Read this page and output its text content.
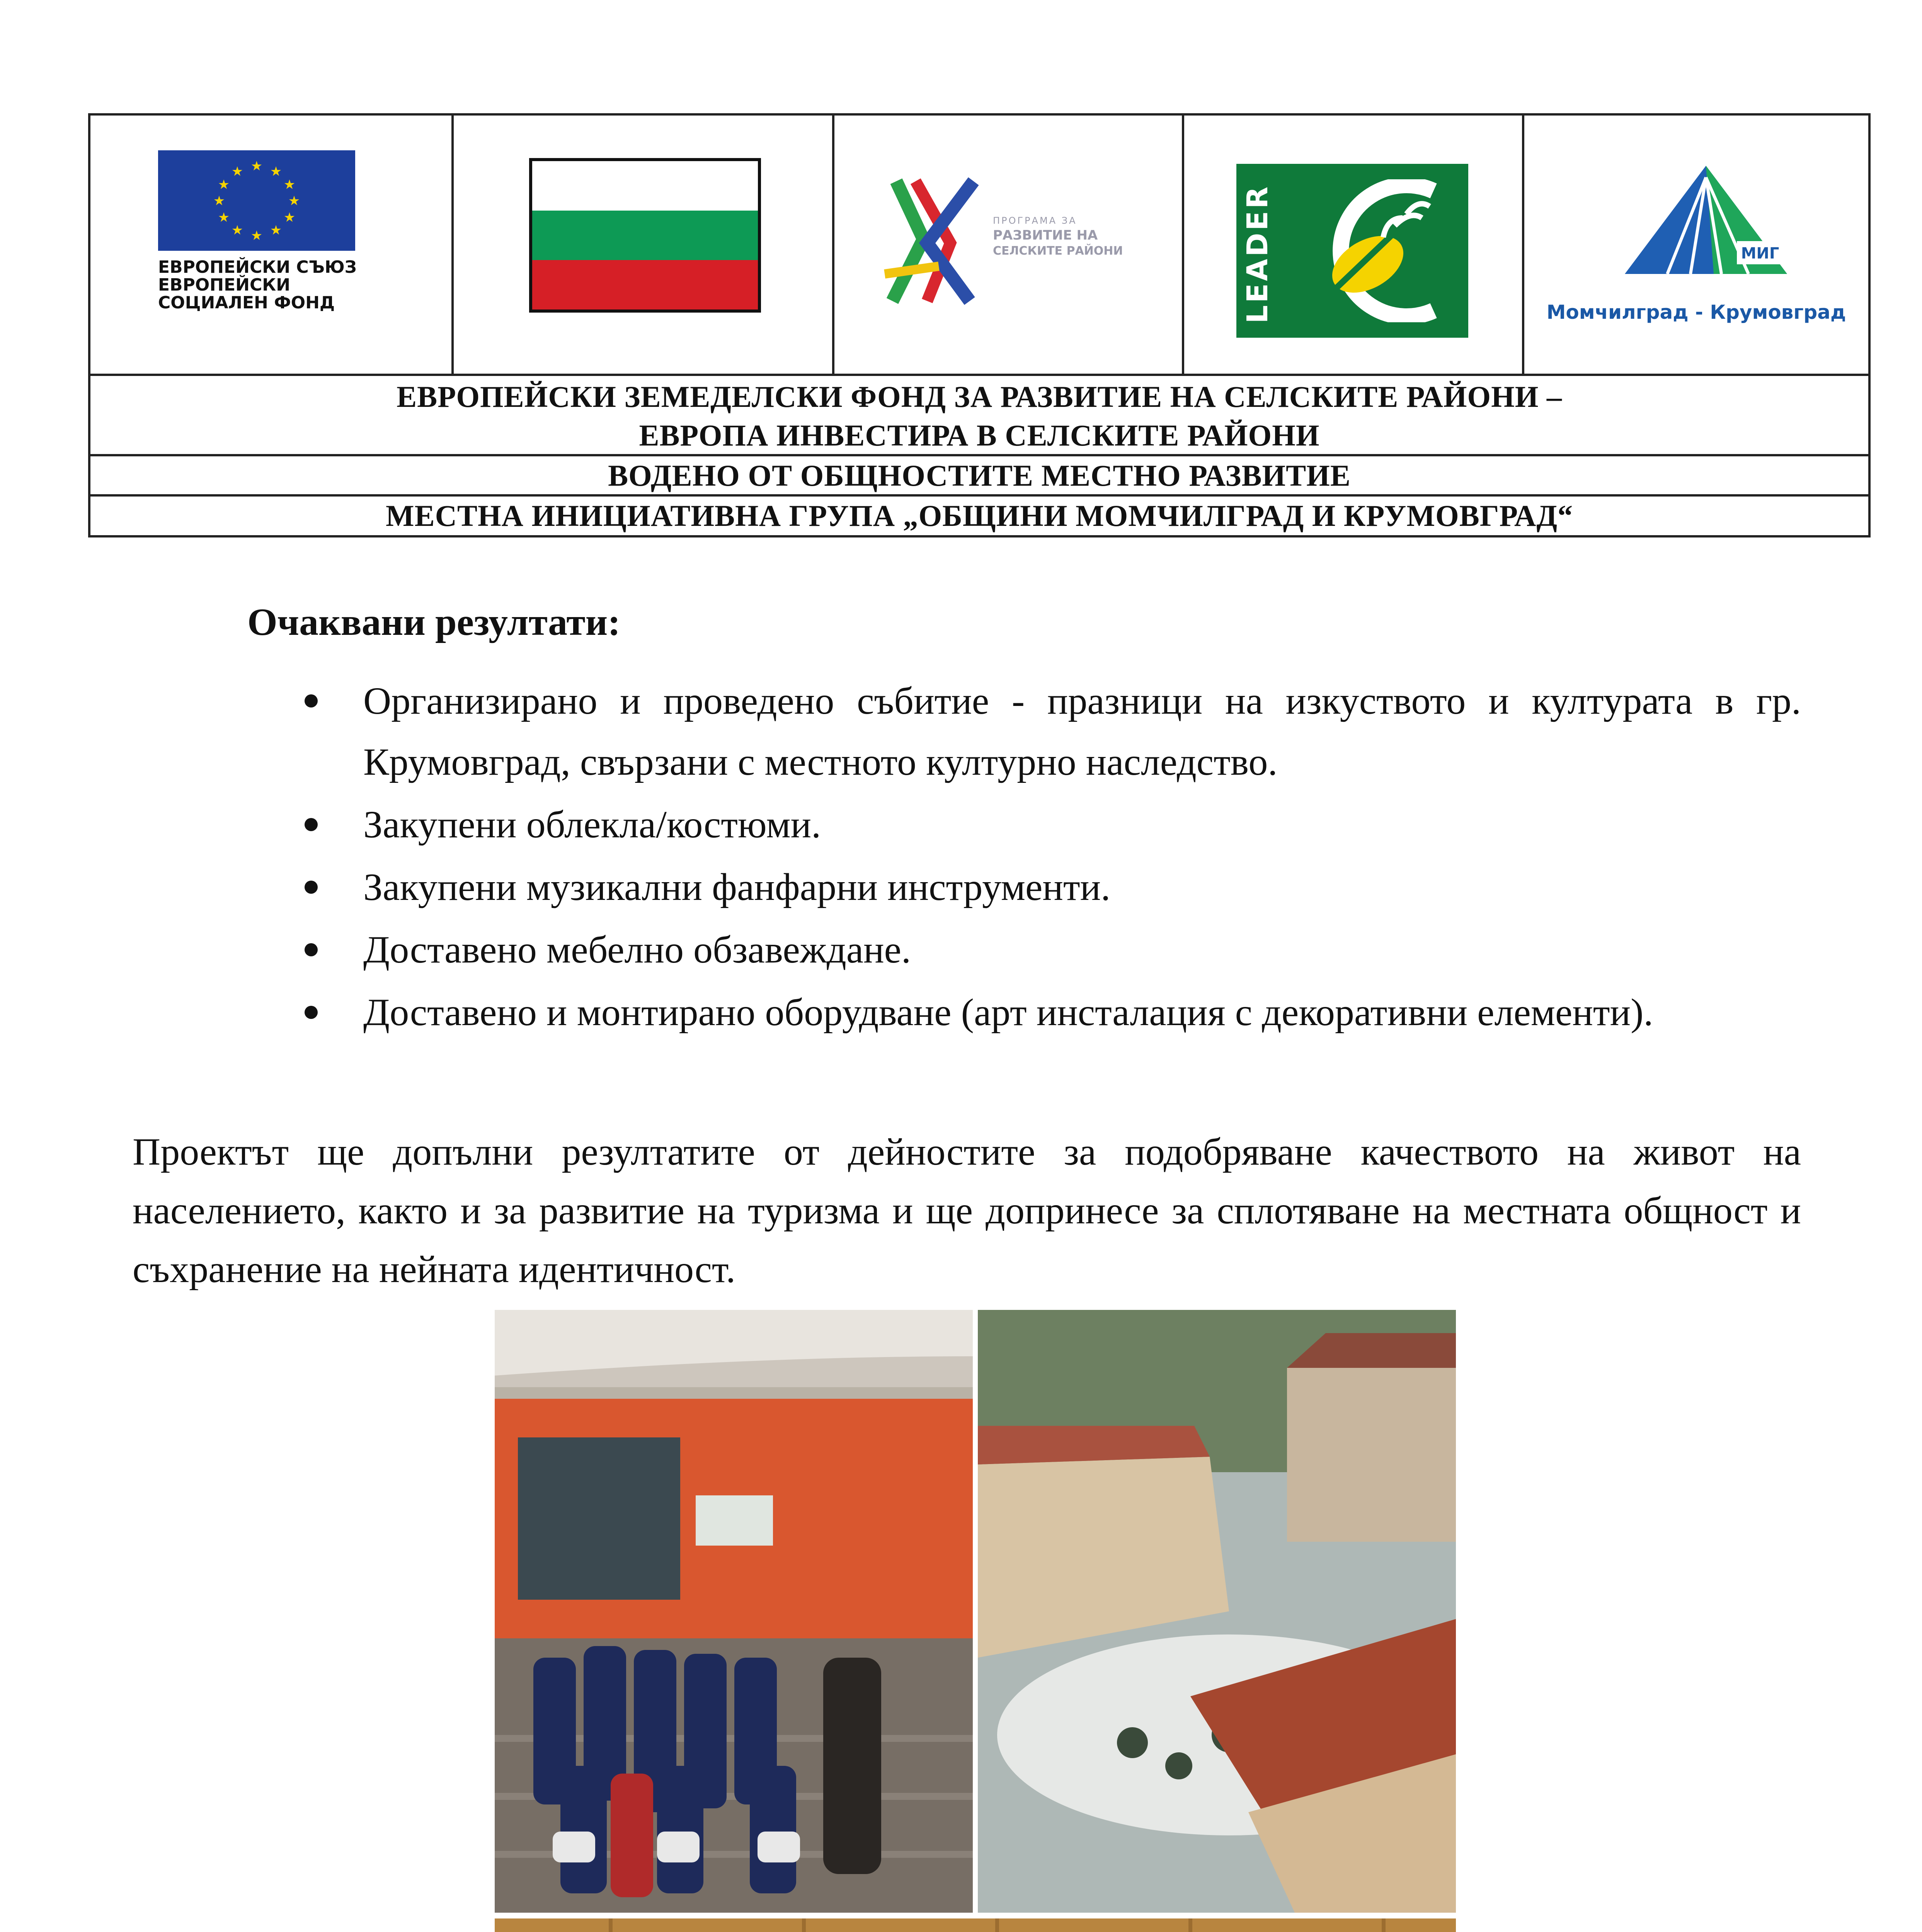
★ ★
★
★
★
★
★
★
★
★
★
★
ЕВРОПЕЙСКИ СЪЮЗ
ЕВРОПЕЙСКИ
СОЦИАЛЕН ФОНД
ПРОГРАМА ЗА
РАЗВИТИЕ НА
СЕЛСКИТЕ РАЙОНИ	LEADER	МИГ
Момчилград - Крумовград
ЕВРОПЕЙСКИ ЗЕМЕДЕЛСКИ ФОНД ЗА РАЗВИТИЕ НА СЕЛСКИТЕ РАЙОНИ –
ЕВРОПА ИНВЕСТИРА В СЕЛСКИТЕ РАЙОНИ
ВОДЕНО ОТ ОБЩНОСТИТЕ МЕСТНО РАЗВИТИЕ
МЕСТНА ИНИЦИАТИВНА ГРУПА „ОБЩИНИ МОМЧИЛГРАД И КРУМОВГРАД“
Очаквани резултати:
Организирано и проведено събитие - празници на изкуството и културата в гр. Крумовград, свързани с местното културно наследство.
Закупени облекла/костюми.
Закупени музикални фанфарни инструменти.
Доставено мебелно обзавеждане.
Доставено и монтирано оборудване (арт инсталация с декоративни елементи).
Проектът ще допълни резултатите от дейностите за подобряване качеството на живот на населението, както и за развитие на туризма и ще допринесе за сплотяване на местната общност и съхранение на нейната идентичност.
